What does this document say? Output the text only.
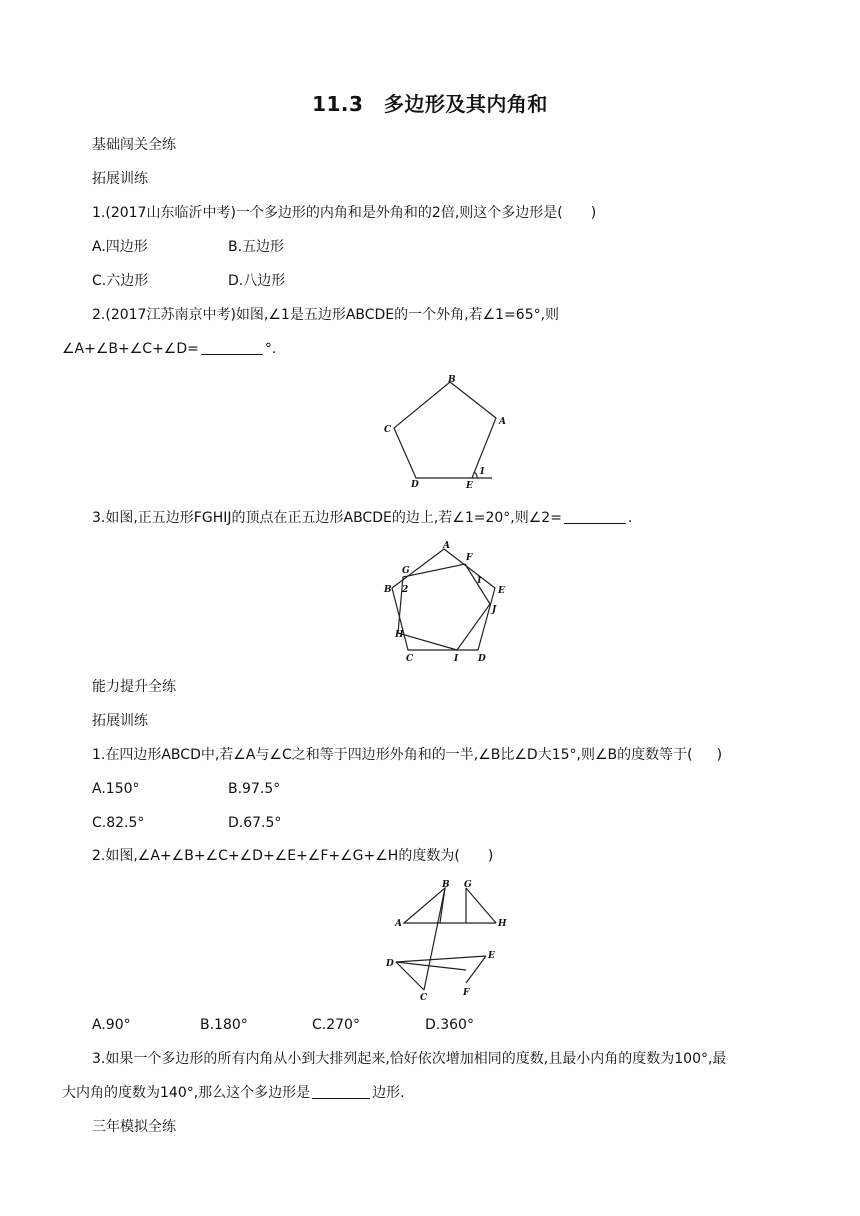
11.3　多边形及其内角和
基础闯关全练
拓展训练
1.(2017山东临沂中考)一个多边形的内角和是外角和的2倍,则这个多边形是( )
A.四边形	B.五边形
C.六边形	D.八边形
2.(2017江苏南京中考)如图,∠1是五边形ABCDE的一个外角,若∠1=65°,则
∠A+∠B+∠C+∠D=	°.
B
A
C
D	E
1
3.如图,正五边形FGHIJ的顶点在正五边形ABCDE的边上,若∠1=20°,则∠2=	.
A
F
G
B	E
J
H
C	I D
1
2
能力提升全练
拓展训练
1.在四边形ABCD中,若∠A与∠C之和等于四边形外角和的一半,∠B比∠D大15°,则∠B的度数等于( )
A.150°	B.97.5°
C.82.5°	D.67.5°
2.如图,∠A+∠B+∠C+∠D+∠E+∠F+∠G+∠H的度数为( )
B G
A	H
D
E
C	F
A.90°	B.180°	C.270°	D.360°
3.如果一个多边形的所有内角从小到大排列起来,恰好依次增加相同的度数,且最小内角的度数为100°,最
大内角的度数为140°,那么这个多边形是	边形.
三年模拟全练
